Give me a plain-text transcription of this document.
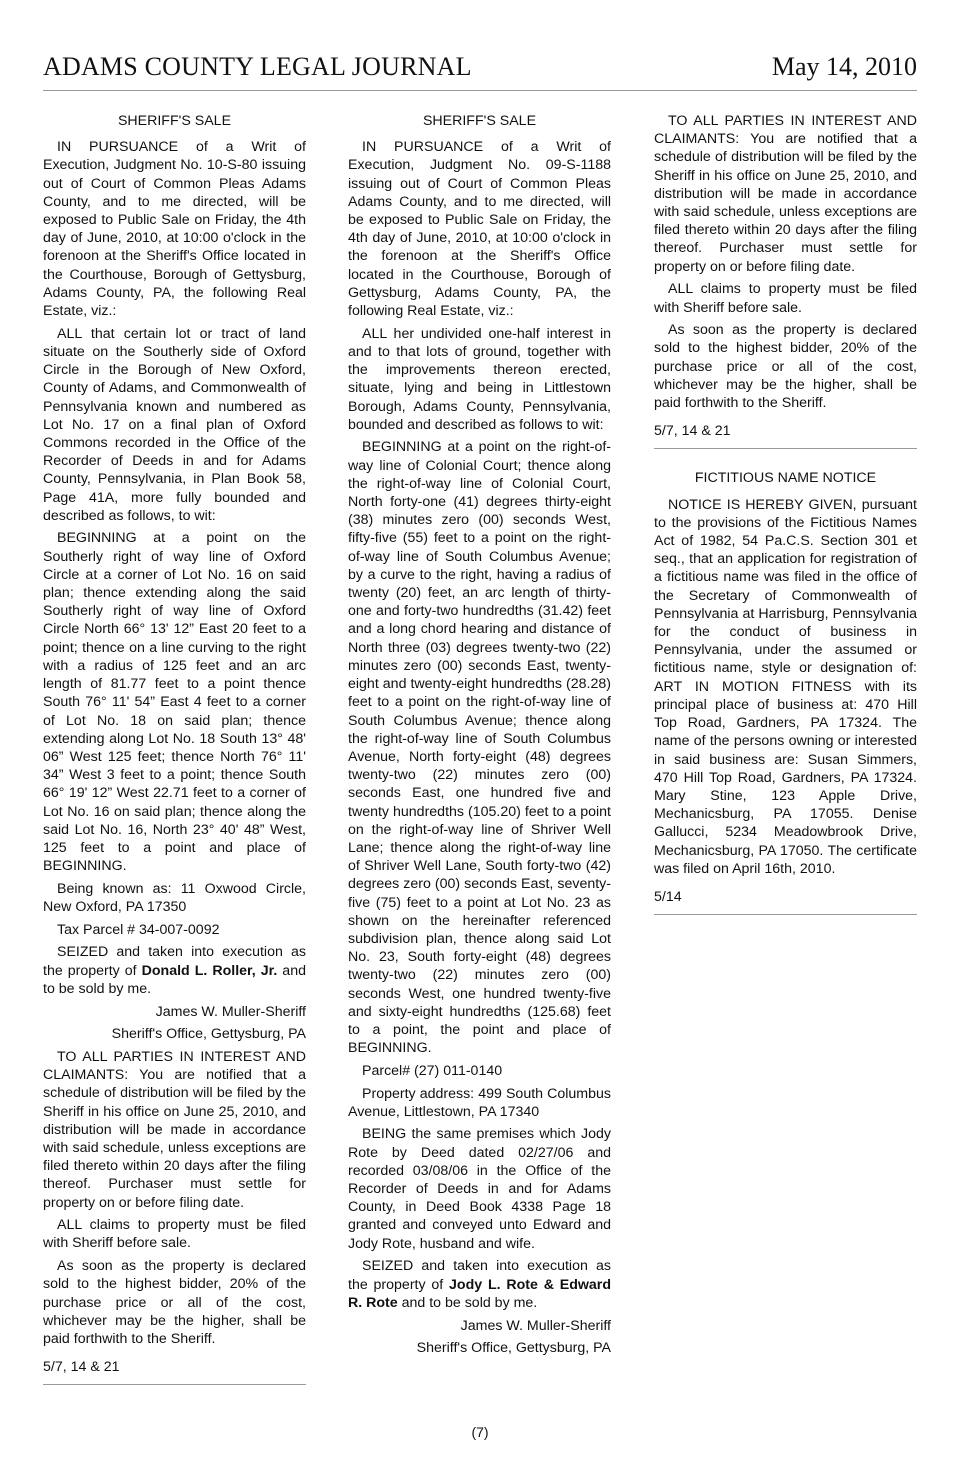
ADAMS COUNTY LEGAL JOURNAL	May 14, 2010
SHERIFF'S SALE

IN PURSUANCE of a Writ of Execution, Judgment No. 10-S-80 issuing out of Court of Common Pleas Adams County, and to me directed, will be exposed to Public Sale on Friday, the 4th day of June, 2010, at 10:00 o'clock in the forenoon at the Sheriff's Office located in the Courthouse, Borough of Gettysburg, Adams County, PA, the following Real Estate, viz.:

ALL that certain lot or tract of land situate on the Southerly side of Oxford Circle in the Borough of New Oxford, County of Adams, and Commonwealth of Pennsylvania known and numbered as Lot No. 17 on a final plan of Oxford Commons recorded in the Office of the Recorder of Deeds in and for Adams County, Pennsylvania, in Plan Book 58, Page 41A, more fully bounded and described as follows, to wit:

BEGINNING at a point on the Southerly right of way line of Oxford Circle at a corner of Lot No. 16 on said plan; thence extending along the said Southerly right of way line of Oxford Circle North 66° 13' 12” East 20 feet to a point; thence on a line curving to the right with a radius of 125 feet and an arc length of 81.77 feet to a point thence South 76° 11' 54” East 4 feet to a corner of Lot No. 18 on said plan; thence extending along Lot No. 18 South 13° 48' 06” West 125 feet; thence North 76° 11' 34” West 3 feet to a point; thence South 66° 19' 12” West 22.71 feet to a corner of Lot No. 16 on said plan; thence along the said Lot No. 16, North 23° 40' 48” West, 125 feet to a point and place of BEGINNING.

Being known as: 11 Oxwood Circle, New Oxford, PA 17350

Tax Parcel # 34-007-0092

SEIZED and taken into execution as the property of Donald L. Roller, Jr. and to be sold by me.

James W. Muller-Sheriff
Sheriff's Office, Gettysburg, PA

TO ALL PARTIES IN INTEREST AND CLAIMANTS: You are notified that a schedule of distribution will be filed by the Sheriff in his office on June 25, 2010, and distribution will be made in accordance with said schedule, unless exceptions are filed thereto within 20 days after the filing thereof. Purchaser must settle for property on or before filing date.

ALL claims to property must be filed with Sheriff before sale.

As soon as the property is declared sold to the highest bidder, 20% of the purchase price or all of the cost, whichever may be the higher, shall be paid forthwith to the Sheriff.

5/7, 14 & 21

SHERIFF'S SALE

IN PURSUANCE of a Writ of Execution, Judgment No. 09-S-1188 issuing out of Court of Common Pleas Adams County, and to me directed, will be exposed to Public Sale on Friday, the 4th day of June, 2010, at 10:00 o'clock in the forenoon at the Sheriff's Office located in the Courthouse, Borough of Gettysburg, Adams County, PA, the following Real Estate, viz.:

ALL her undivided one-half interest in and to that lots of ground, together with the improvements thereon erected, situate, lying and being in Littlestown Borough, Adams County, Pennsylvania, bounded and described as follows to wit:

BEGINNING at a point on the right-of-way line of Colonial Court; thence along the right-of-way line of Colonial Court, North forty-one (41) degrees thirty-eight (38) minutes zero (00) seconds West, fifty-five (55) feet to a point on the right-of-way line of South Columbus Avenue; by a curve to the right, having a radius of twenty (20) feet, an arc length of thirty-one and forty-two hundredths (31.42) feet and a long chord hearing and distance of North three (03) degrees twenty-two (22) minutes zero (00) seconds East, twenty-eight and twenty-eight hundredths (28.28) feet to a point on the right-of-way line of South Columbus Avenue; thence along the right-of-way line of South Columbus Avenue, North forty-eight (48) degrees twenty-two (22) minutes zero (00) seconds East, one hundred five and twenty hundredths (105.20) feet to a point on the right-of-way line of Shriver Well Lane; thence along the right-of-way line of Shriver Well Lane, South forty-two (42) degrees zero (00) seconds East, seventy-five (75) feet to a point at Lot No. 23 as shown on the hereinafter referenced subdivision plan, thence along said Lot No. 23, South forty-eight (48) degrees twenty-two (22) minutes zero (00) seconds West, one hundred twenty-five and sixty-eight hundredths (125.68) feet to a point, the point and place of BEGINNING.

Parcel# (27) 011-0140

Property address: 499 South Columbus Avenue, Littlestown, PA 17340

BEING the same premises which Jody Rote by Deed dated 02/27/06 and recorded 03/08/06 in the Office of the Recorder of Deeds in and for Adams County, in Deed Book 4338 Page 18 granted and conveyed unto Edward and Jody Rote, husband and wife.

SEIZED and taken into execution as the property of Jody L. Rote & Edward R. Rote and to be sold by me.

James W. Muller-Sheriff
Sheriff's Office, Gettysburg, PA

TO ALL PARTIES IN INTEREST AND CLAIMANTS: You are notified that a schedule of distribution will be filed by the Sheriff in his office on June 25, 2010, and distribution will be made in accordance with said schedule, unless exceptions are filed thereto within 20 days after the filing thereof. Purchaser must settle for property on or before filing date.

ALL claims to property must be filed with Sheriff before sale.

As soon as the property is declared sold to the highest bidder, 20% of the purchase price or all of the cost, whichever may be the higher, shall be paid forthwith to the Sheriff.

5/7, 14 & 21

FICTITIOUS NAME NOTICE

NOTICE IS HEREBY GIVEN, pursuant to the provisions of the Fictitious Names Act of 1982, 54 Pa.C.S. Section 301 et seq., that an application for registration of a fictitious name was filed in the office of the Secretary of Commonwealth of Pennsylvania at Harrisburg, Pennsylvania for the conduct of business in Pennsylvania, under the assumed or fictitious name, style or designation of: ART IN MOTION FITNESS with its principal place of business at: 470 Hill Top Road, Gardners, PA 17324. The name of the persons owning or interested in said business are: Susan Simmers, 470 Hill Top Road, Gardners, PA 17324. Mary Stine, 123 Apple Drive, Mechanicsburg, PA 17055. Denise Gallucci, 5234 Meadowbrook Drive, Mechanicsburg, PA 17050. The certificate was filed on April 16th, 2010.

5/14

(7)
